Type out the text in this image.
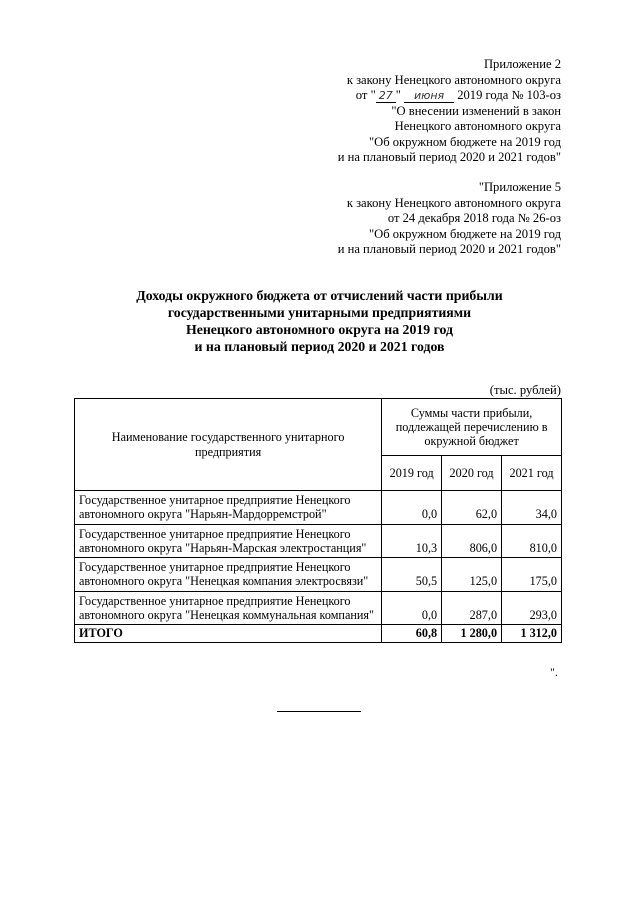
Приложение 2
к закону Ненецкого автономного округа
от " 27 " июня 2019 года № 103-оз
"О внесении изменений в закон
Ненецкого автономного округа
"Об окружном бюджете на 2019 год
и на плановый период 2020 и 2021 годов"
"Приложение 5
к закону Ненецкого автономного округа
от 24 декабря 2018 года № 26-оз
"Об окружном бюджете на 2019 год
и на плановый период 2020 и 2021 годов"
Доходы окружного бюджета от отчислений части прибыли
государственными унитарными предприятиями
Ненецкого автономного округа на 2019 год
и на плановый период 2020 и 2021 годов
(тыс. рублей)
Наименование государственного унитарного предприятия	Суммы части прибыли, подлежащей перечислению в окружной бюджет		
	2019 год	2020 год	2021 год
Государственное унитарное предприятие Ненецкого автономного округа "Нарьян-Мардорремстрой"	0,0	62,0	34,0
Государственное унитарное предприятие Ненецкого автономного округа "Нарьян-Марская электростанция"	10,3	806,0	810,0
Государственное унитарное предприятие Ненецкого автономного округа "Ненецкая компания электросвязи"	50,5	125,0	175,0
Государственное унитарное предприятие Ненецкого автономного округа "Ненецкая коммунальная компания"	0,0	287,0	293,0
ИТОГО	60,8	1 280,0	1 312,0
".
